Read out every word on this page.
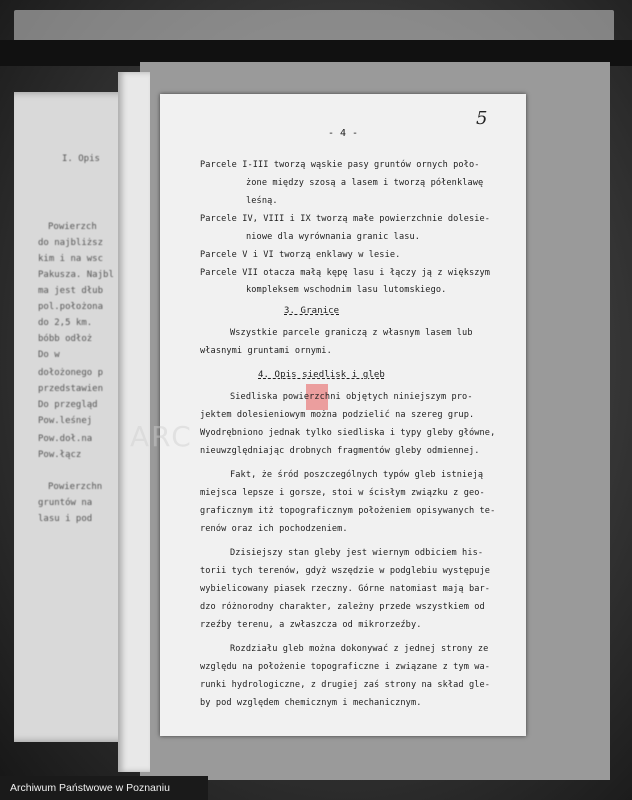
I. Opis
Powierzch
do najbliższ
kim i na wsc
Pakusza. Najbl
ma jest dłub
pol.położona
do 2,5 km.
bóbb odłoż
Do w
dołożonego p
przedstawien
Do przegląd
Pow.leśnej
Pow.doł.na
Pow.łącz
Powierzchn
gruntów na
lasu i pod
5
- 4 -
ARC
Parcele I-III tworzą wąskie pasy gruntów ornych poło-
żone między szosą a lasem i tworzą półenklawę
leśną.
Parcele IV, VIII i IX tworzą małe powierzchnie dolesie-
niowe dla wyrównania granic lasu.
Parcele V i VI tworzą enklawy w lesie.
Parcele VII otacza małą kępę lasu i łączy ją z większym
kompleksem wschodnim lasu lutomskiego.
3. Granice
Wszystkie parcele graniczą z własnym lasem lub
własnymi gruntami ornymi.
4. Opis siedlisk i gleb
Siedliska powierzchni objętych niniejszym pro-
jektem dolesieniowym można podzielić na szereg grup.
Wyodrębniono jednak tylko siedliska i typy gleby główne,
nieuwzględniając drobnych fragmentów gleby odmiennej.
Fakt, że śród poszczególnych typów gleb istnieją
miejsca lepsze i gorsze, stoi w ścisłym związku z geo-
graficznym itż topograficznym położeniem opisywanych te-
renów oraz ich pochodzeniem.
Dzisiejszy stan gleby jest wiernym odbiciem his-
torii tych terenów, gdyż wszędzie w podglebiu występuje
wybielicowany piasek rzeczny. Górne natomiast mają bar-
dzo różnorodny charakter, zależny przede wszystkiem od
rzeźby terenu, a zwłaszcza od mikrorzeźby.
Rozdziału gleb można dokonywać z jednej strony ze
względu na położenie topograficzne i związane z tym wa-
runki hydrologiczne, z drugiej zaś strony na skład gle-
by pod względem chemicznym i mechanicznym.
Archiwum Państwowe w Poznaniu
